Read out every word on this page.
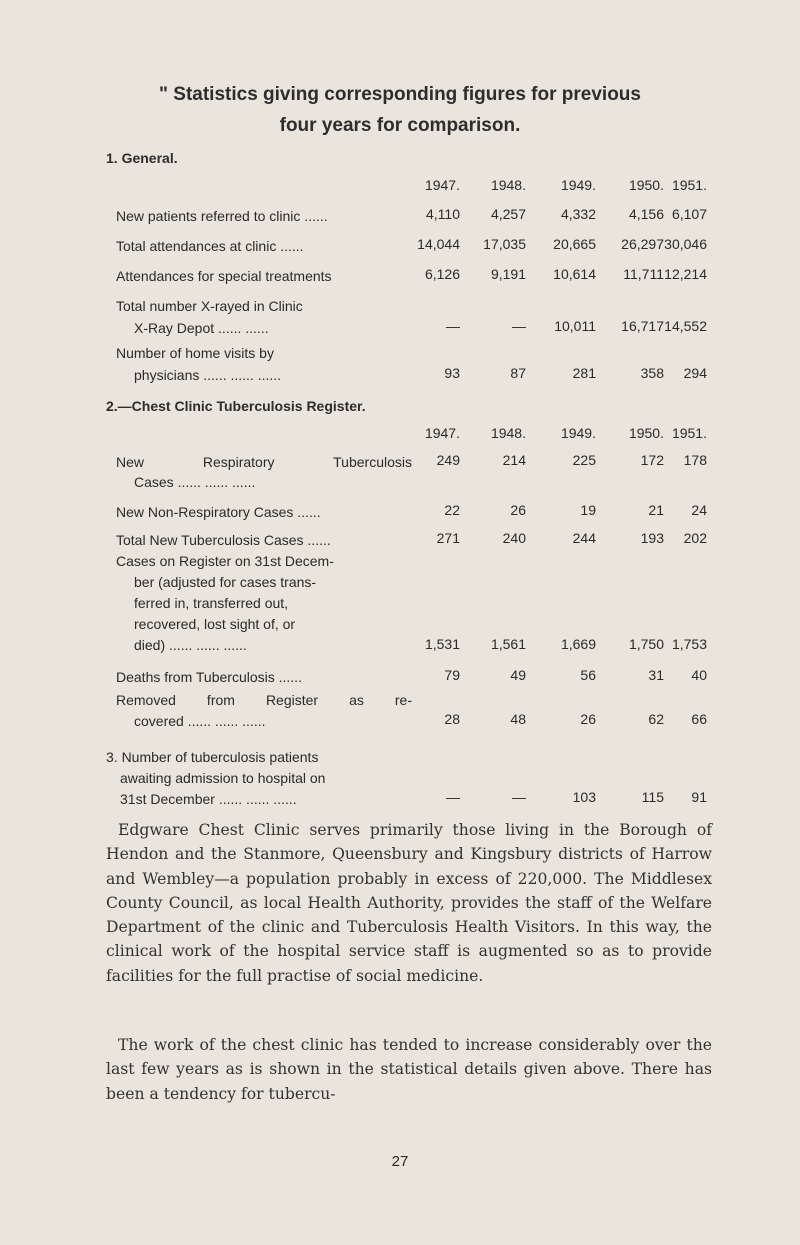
" Statistics giving corresponding figures for previous
four years for comparison.
1. General.
1947.	1948.	1949.	1950. 1951.
New patients referred to clinic ......	4,110	4,257	4,332	4,156 6,107
Total attendances at clinic ......	14,044	17,035	20,665	26,297 30,046
Attendances for special treatments	6,126	9,191	10,614	11,711 12,214
Total number X-rayed in Clinic
X-Ray Depot ...... ......	—	—	10,011	16,717 14,552
Number of home visits by
physicians ...... ...... ......	93	87	281	358	294
2.—Chest Clinic Tuberculosis Register.
1947.	1948.	1949.	1950. 1951.
New Respiratory Tuberculosis
Cases ...... ...... ......
249	214	225	172	178
New Non-Respiratory Cases ......	22	26	19	21	24
Total New Tuberculosis Cases ......	271	240	244	193	202
Cases on Register on 31st Decem-
ber (adjusted for cases trans-
ferred in, transferred out,
recovered, lost sight of, or
died) ...... ...... ......	1,531	1,561	1,669	1,750 1,753
Deaths from Tuberculosis ......	79	49	56	31	40
Removed from Register as re-
covered ...... ...... ......	28	48	26	62	66
3. Number of tuberculosis patients
awaiting admission to hospital on
31st December ...... ...... ......	—	—	103	115	91

Edgware Chest Clinic serves primarily those living in the Borough of Hendon and the Stanmore, Queensbury and Kingsbury districts of Harrow and Wembley—a population probably in excess of 220,000. The Middlesex County Council, as local Health Authority, provides the staff of the Welfare Department of the clinic and Tuberculosis Health Visitors. In this way, the clinical work of the hospital service staff is augmented so as to provide facilities for the full practise of social medicine.

The work of the chest clinic has tended to increase considerably over the last few years as is shown in the statistical details given above. There has been a tendency for tubercu-

27
